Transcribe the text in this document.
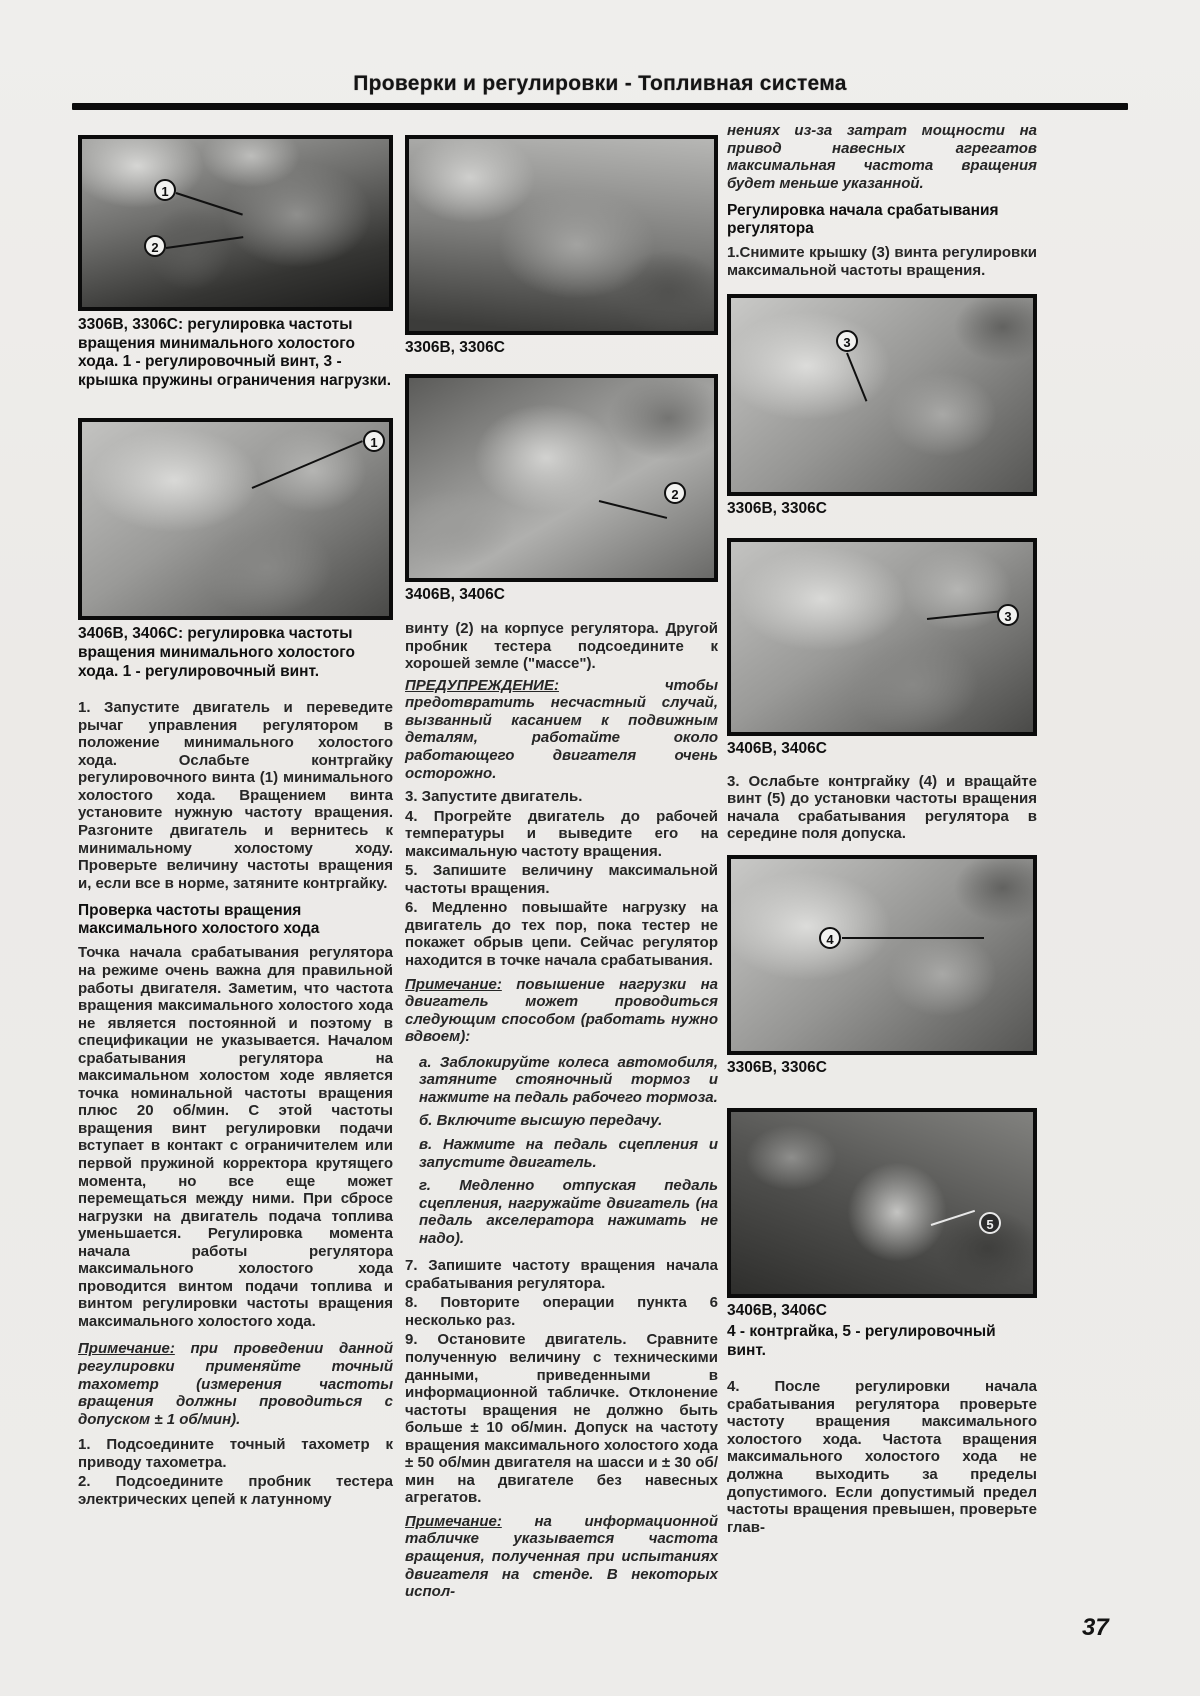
Проверки и регулировки - Топливная система
1
2
3306В, 3306С: регулировка частоты вращения минимального холостого хода. 1 - регулировочный винт, 3 - крышка пружины ограничения нагрузки.
1
3406В, 3406С: регулировка частоты вращения минимального холостого хода. 1 - регулировочный винт.
1. Запустите двигатель и переведите рычаг управления регулятором в положение минимального холостого хода. Ослабьте контргайку регулировочного винта (1) минимального холостого хода. Вращением винта установите нужную частоту вращения. Разгоните двигатель и вернитесь к минимальному холостому ходу. Проверьте величину частоты вращения и, если все в норме, затяните контргайку.
Проверка частоты вращения максимального холостого хода
Точка начала срабатывания регулятора на режиме очень важна для правильной работы двигателя. Заметим, что частота вращения максимального холостого хода не является постоянной и поэтому в спецификации не указывается. Началом срабатывания регулятора на максимальном холостом ходе является точка номинальной частоты вращения плюс 20 об/мин. С этой частоты вращения винт регулировки подачи вступает в контакт с ограничителем или первой пружиной корректора крутящего момента, но все еще может перемещаться между ними. При сбросе нагрузки на двигатель подача топлива уменьшается. Регулировка момента начала работы регулятора максимального холостого хода проводится винтом подачи топлива и винтом регулировки частоты вращения максимального холостого хода.
Примечание: при проведении данной регулировки применяйте точный тахометр (измерения частоты вращения должны проводиться с допуском ± 1 об/мин).
1. Подсоедините точный тахометр к приводу тахометра.
2. Подсоедините пробник тестера электрических цепей к латунному
3306В, 3306С
2
3406В, 3406С
винту (2) на корпусе регулятора. Другой пробник тестера подсоедините к хорошей земле ("массе").
ПРЕДУПРЕЖДЕНИЕ: чтобы предотвратить несчастный случай, вызванный касанием к подвижным деталям, работайте около работающего двигателя очень осторожно.
3. Запустите двигатель.
4. Прогрейте двигатель до рабочей температуры и выведите его на максимальную частоту вращения.
5. Запишите величину максимальной частоты вращения.
6. Медленно повышайте нагрузку на двигатель до тех пор, пока тестер не покажет обрыв цепи. Сейчас регулятор находится в точке начала срабатывания.
Примечание: повышение нагрузки на двигатель может проводиться следующим способом (работать нужно вдвоем):
а. Заблокируйте колеса автомобиля, затяните стояночный тормоз и нажмите на педаль рабочего тормоза.
б. Включите высшую передачу.
в. Нажмите на педаль сцепления и запустите двигатель.
г. Медленно отпуская педаль сцепления, нагружайте двигатель (на педаль акселератора нажимать не надо).
7. Запишите частоту вращения начала срабатывания регулятора.
8. Повторите операции пункта 6 несколько раз.
9. Остановите двигатель. Сравните полученную величину с техническими данными, приведенными в информационной табличке. Отклонение частоты вращения не должно быть больше ± 10 об/мин. Допуск на частоту вращения максимального холостого хода ± 50 об/мин двигателя на шасси и ± 30 об/мин на двигателе без навесных агрегатов.
Примечание: на информационной табличке указывается частота вращения, полученная при испытаниях двигателя на стенде. В некоторых испол-
нениях из-за затрат мощности на привод навесных агрегатов максимальная частота вращения будет меньше указанной.
Регулировка начала срабатывания регулятора
1.Снимите крышку (3) винта регулировки максимальной частоты вращения.
3
3306В, 3306С
3
3406В, 3406С
3. Ослабьте контргайку (4) и вращайте винт (5) до установки частоты вращения начала срабатывания регулятора в середине поля допуска.
4
3306В, 3306С
5
3406В, 3406С
4 - контргайка, 5 - регулировочный винт.
4. После регулировки начала срабатывания регулятора проверьте частоту вращения максимального холостого хода. Частота вращения максимального холостого хода не должна выходить за пределы допустимого. Если допустимый предел частоты вращения превышен, проверьте глав-
37
